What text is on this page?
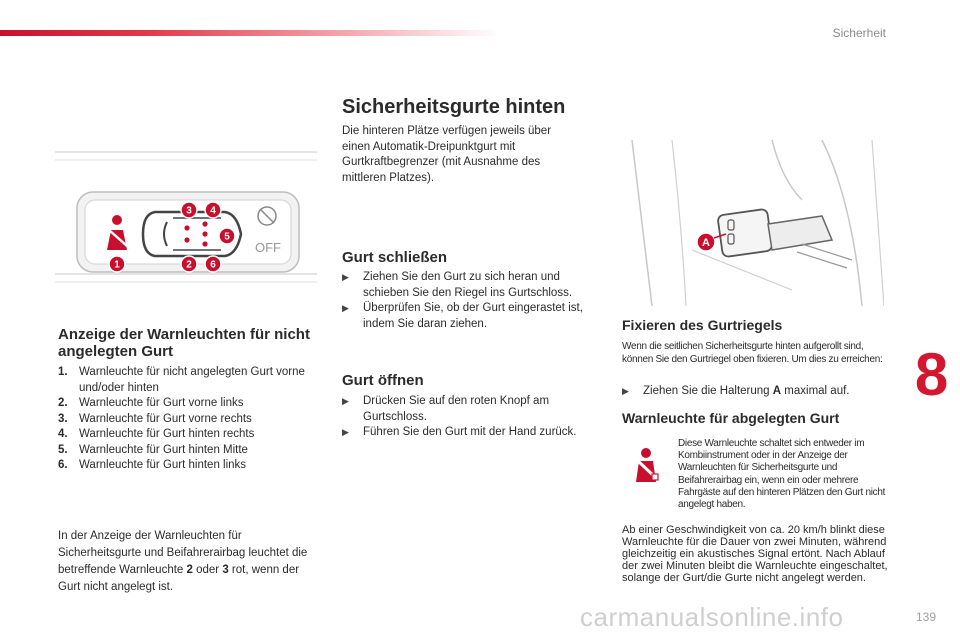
Sicherheit
Sicherheitsgurte hinten
Die hinteren Plätze verfügen jeweils über einen Automatik-Dreipunktgurt mit Gurtkraftbegrenzer (mit Ausnahme des mittleren Platzes).
Gurt schließen
▶	Ziehen Sie den Gurt zu sich heran und schieben Sie den Riegel ins Gurtschloss.
▶	Überprüfen Sie, ob der Gurt eingerastet ist, indem Sie daran ziehen.
Gurt öffnen
▶	Drücken Sie auf den roten Knopf am Gurtschloss.
▶	Führen Sie den Gurt mit der Hand zurück.
OFF
1	2
3 4
5
6
Anzeige der Warnleuchten für nicht angelegten Gurt
1. Warnleuchte für nicht angelegten Gurt vorne und/oder hinten
2. Warnleuchte für Gurt vorne links
3. Warnleuchte für Gurt vorne rechts
4. Warnleuchte für Gurt hinten rechts
5. Warnleuchte für Gurt hinten Mitte
6. Warnleuchte für Gurt hinten links
In der Anzeige der Warnleuchten für Sicherheitsgurte und Beifahrerairbag leuchtet die betreffende Warnleuchte 2 oder 3 rot, wenn der Gurt nicht angelegt ist.
A
Fixieren des Gurtriegels
Wenn die seitlichen Sicherheitsgurte hinten aufgerollt sind, können Sie den Gurtriegel oben fixieren. Um dies zu erreichen:
▶	Ziehen Sie die Halterung A maximal auf.
Warnleuchte für abgelegten Gurt
Diese Warnleuchte schaltet sich entweder im Kombiinstrument oder in der Anzeige der Warnleuchten für Sicherheitsgurte und Beifahrerairbag ein, wenn ein oder mehrere Fahrgäste auf den hinteren Plätzen den Gurt nicht angelegt haben.
Ab einer Geschwindigkeit von ca. 20 km/h blinkt diese Warnleuchte für die Dauer von zwei Minuten, während gleichzeitig ein akustisches Signal ertönt. Nach Ablauf der zwei Minuten bleibt die Warnleuchte eingeschaltet, solange der Gurt/die Gurte nicht angelegt werden.
8
carmanualsonline.info	139
